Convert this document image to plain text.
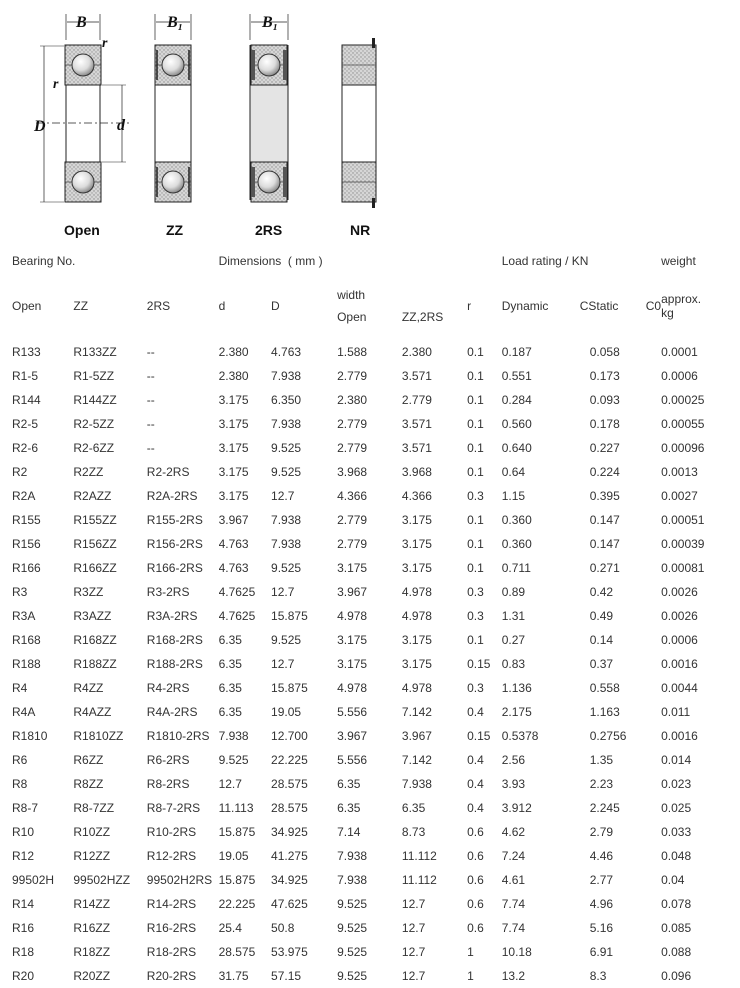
B	B₁	B₁
r
r
D	d
Open	ZZ	2RS	NR
Bearing No.			Dimensions  ( mm )					Load rating / KN		weight
Open	ZZ	2RS	d	D	width
Open	ZZ,2RS	r	Dynamic	CStatic C0	approx.
kg

R133	R133ZZ	--	2.380	4.763	1.588	2.380	0.1	0.187	0.058	0.0001
R1-5	R1-5ZZ	--	2.380	7.938	2.779	3.571	0.1	0.551	0.173	0.0006
R144	R144ZZ	--	3.175	6.350	2.380	2.779	0.1	0.284	0.093	0.00025
R2-5	R2-5ZZ	--	3.175	7.938	2.779	3.571	0.1	0.560	0.178	0.00055
R2-6	R2-6ZZ	--	3.175	9.525	2.779	3.571	0.1	0.640	0.227	0.00096
R2	R2ZZ	R2-2RS	3.175	9.525	3.968	3.968	0.1	0.64	0.224	0.0013
R2A	R2AZZ	R2A-2RS	3.175	12.7	4.366	4.366	0.3	1.15	0.395	0.0027
R155	R155ZZ	R155-2RS	3.967	7.938	2.779	3.175	0.1	0.360	0.147	0.00051
R156	R156ZZ	R156-2RS	4.763	7.938	2.779	3.175	0.1	0.360	0.147	0.00039
R166	R166ZZ	R166-2RS	4.763	9.525	3.175	3.175	0.1	0.711	0.271	0.00081
R3	R3ZZ	R3-2RS	4.7625	12.7	3.967	4.978	0.3	0.89	0.42	0.0026
R3A	R3AZZ	R3A-2RS	4.7625	15.875	4.978	4.978	0.3	1.31	0.49	0.0026
R168	R168ZZ	R168-2RS	6.35	9.525	3.175	3.175	0.1	0.27	0.14	0.0006
R188	R188ZZ	R188-2RS	6.35	12.7	3.175	3.175	0.15	0.83	0.37	0.0016
R4	R4ZZ	R4-2RS	6.35	15.875	4.978	4.978	0.3	1.136	0.558	0.0044
R4A	R4AZZ	R4A-2RS	6.35	19.05	5.556	7.142	0.4	2.175	1.163	0.011
R1810	R1810ZZ	R1810-2RS	7.938	12.700	3.967	3.967	0.15	0.5378	0.2756	0.0016
R6	R6ZZ	R6-2RS	9.525	22.225	5.556	7.142	0.4	2.56	1.35	0.014
R8	R8ZZ	R8-2RS	12.7	28.575	6.35	7.938	0.4	3.93	2.23	0.023
R8-7	R8-7ZZ	R8-7-2RS	11.113	28.575	6.35	6.35	0.4	3.912	2.245	0.025
R10	R10ZZ	R10-2RS	15.875	34.925	7.14	8.73	0.6	4.62	2.79	0.033
R12	R12ZZ	R12-2RS	19.05	41.275	7.938	11.112	0.6	7.24	4.46	0.048
99502H	99502HZZ	99502H2RS	15.875	34.925	7.938	11.112	0.6	4.61	2.77	0.04
R14	R14ZZ	R14-2RS	22.225	47.625	9.525	12.7	0.6	7.74	4.96	0.078
R16	R16ZZ	R16-2RS	25.4	50.8	9.525	12.7	0.6	7.74	5.16	0.085
R18	R18ZZ	R18-2RS	28.575	53.975	9.525	12.7	1	10.18	6.91	0.088
R20	R20ZZ	R20-2RS	31.75	57.15	9.525	12.7	1	13.2	8.3	0.096
